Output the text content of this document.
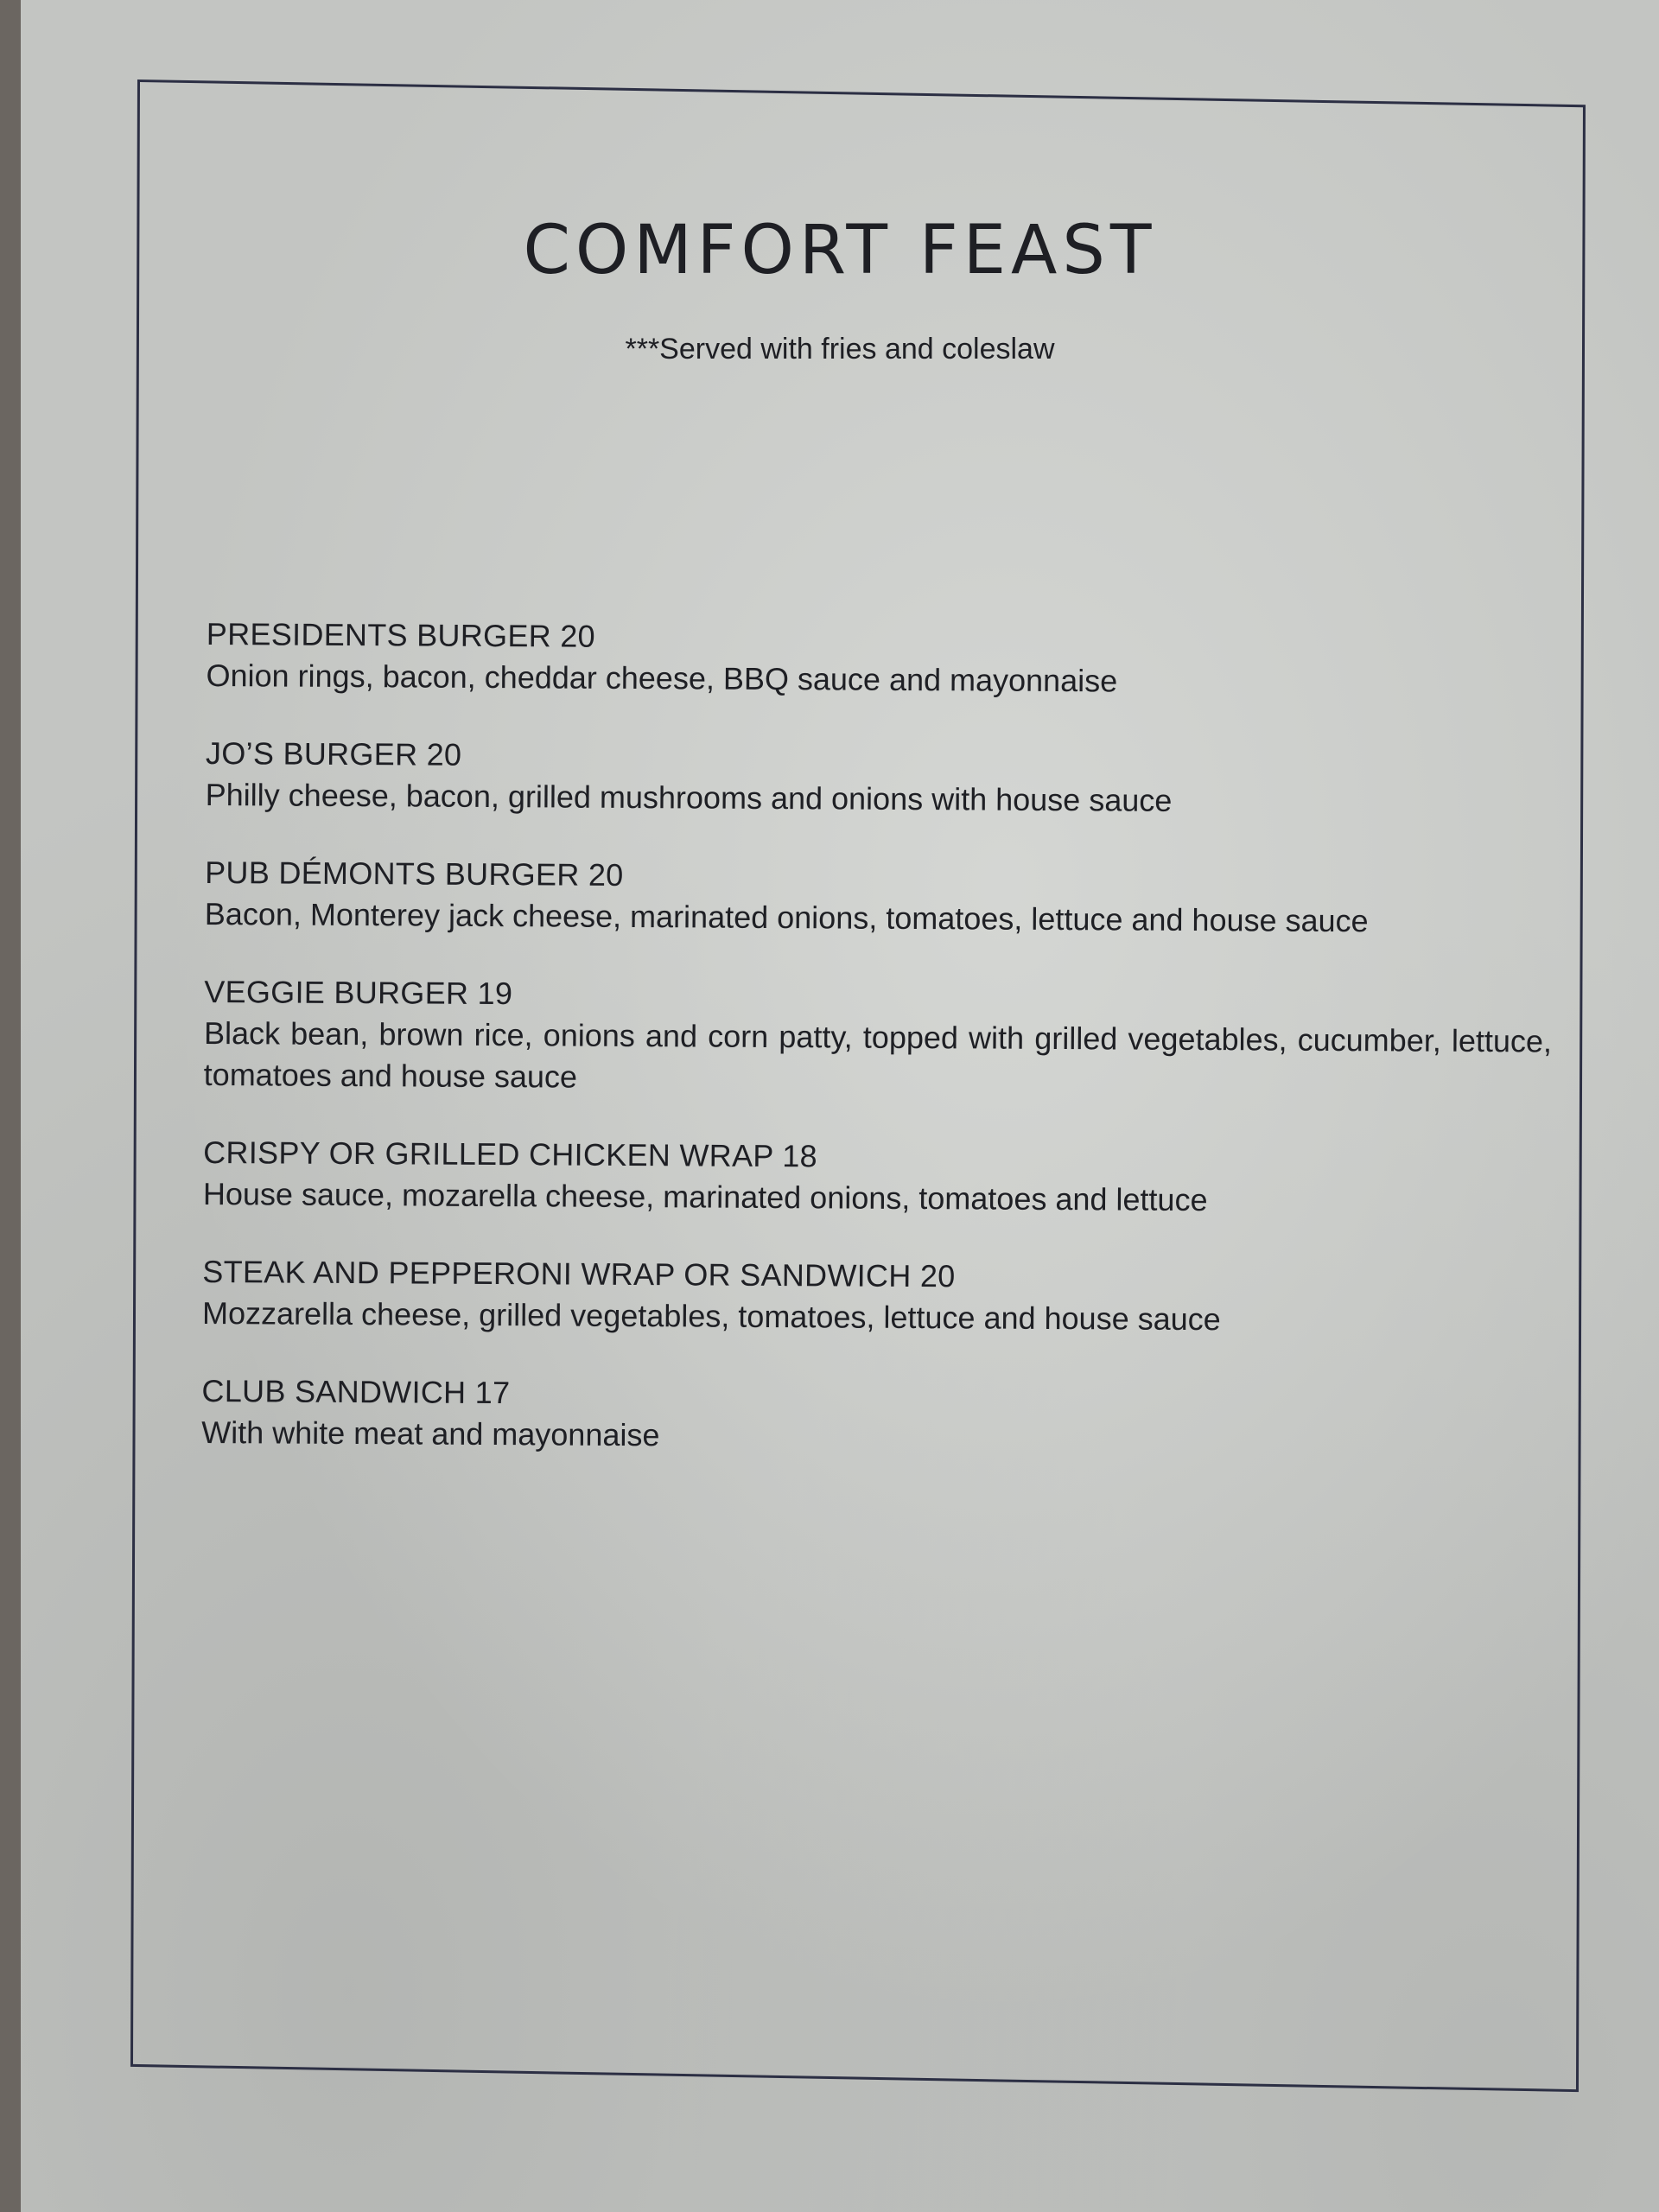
COMFORT FEAST
***Served with fries and coleslaw
PRESIDENTS BURGER 20
Onion rings, bacon, cheddar cheese, BBQ sauce and mayonnaise
JO’S BURGER 20
Philly cheese, bacon, grilled mushrooms and onions with house sauce
PUB DÉMONTS BURGER 20
Bacon, Monterey jack cheese, marinated onions, tomatoes, lettuce and house sauce
VEGGIE BURGER 19
Black bean, brown rice, onions and corn patty, topped with grilled vegetables, cucumber, lettuce, tomatoes and house sauce
CRISPY OR GRILLED CHICKEN WRAP 18
House sauce, mozarella cheese, marinated onions, tomatoes and lettuce
STEAK AND PEPPERONI WRAP OR SANDWICH 20
Mozzarella cheese, grilled vegetables, tomatoes, lettuce and house sauce
CLUB SANDWICH 17
With white meat and mayonnaise
